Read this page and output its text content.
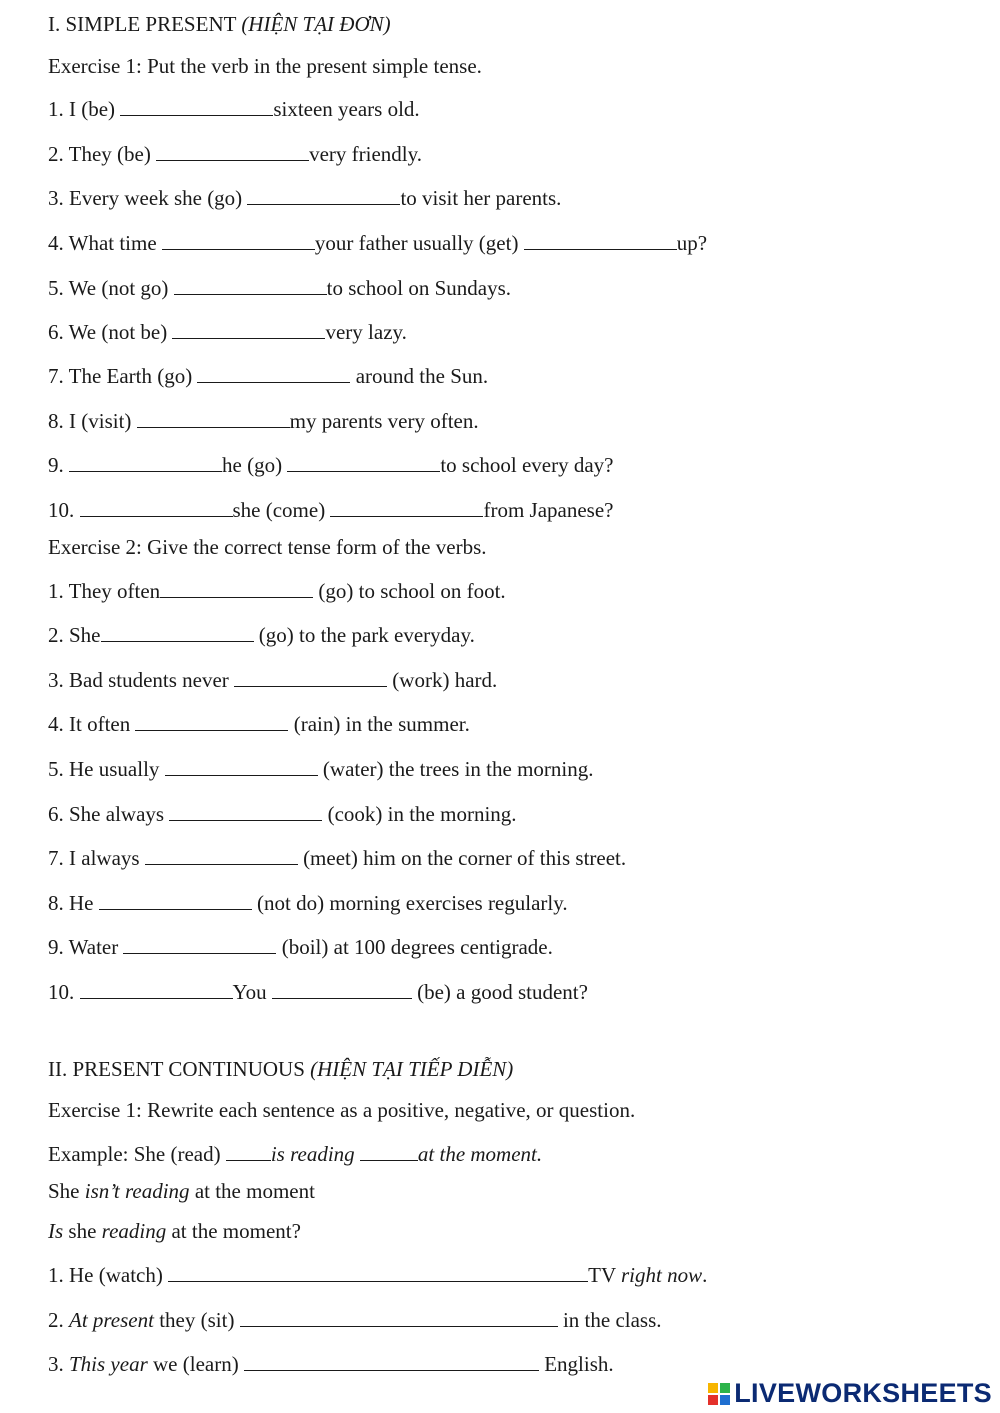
I. SIMPLE PRESENT (HIỆN TẠI ĐƠN)
Exercise 1: Put the verb in the present simple tense.
1. I (be)	sixteen years old.
2. They (be)	very friendly.
3. Every week she (go)	to visit her parents.
4. What time	your father usually (get)	up?
5. We (not go)	to school on Sundays.
6. We (not be)	very lazy.
7. The Earth (go)	around the Sun.
8. I (visit)	my parents very often.
9.	he (go)	to school every day?
10.	she (come)	from Japanese?
Exercise 2: Give the correct tense form of the verbs.
1. They often	(go) to school on foot.
2. She	(go) to the park everyday.
3. Bad students never	(work) hard.
4. It often	(rain) in the summer.
5. He usually	(water) the trees in the morning.
6. She always	(cook) in the morning.
7. I always	(meet) him on the corner of this street.
8. He	(not do) morning exercises regularly.
9. Water	(boil) at 100 degrees centigrade.
10.	You	(be) a good student?
II. PRESENT CONTINUOUS (HIỆN TẠI TIẾP DIỄN)
Exercise 1: Rewrite each sentence as a positive, negative, or question.
Example: She (read) is reading	at the moment.
She isn’t reading at the moment
Is she reading at the moment?
1. He (watch)	TV right now.
2. At present they (sit)	in the class.
3. This year we (learn)	English.
LIVEWORKSHEETS
